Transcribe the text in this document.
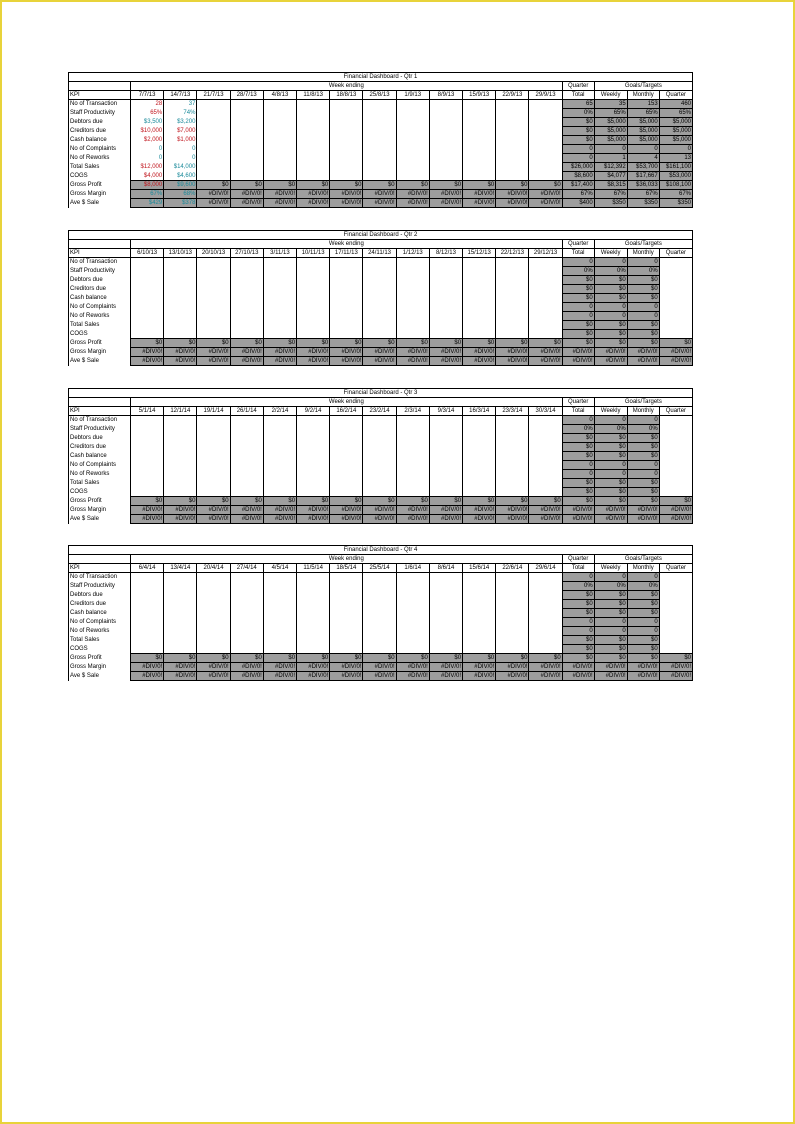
Financial Dashboard - Qtr 1																	
	Week ending													Quarter	Goals/Targets		
KPI	7/7/13	14/7/13	21/7/13	28/7/13	4/8/13	11/8/13	18/8/13	25/8/13	1/9/13	8/9/13	15/9/13	22/9/13	29/9/13	Total	Weekly	Monthly	Quarter
No of Transaction	28	37												65	35	153	460
Staff Productivity	65%	74%												0%	65%	65%	65%
Debtors due	$3,500	$3,200												$0	$5,000	$5,000	$5,000
Creditors due	$10,000	$7,000												$0	$5,000	$5,000	$5,000
Cash balance	$2,000	$1,000												$0	$5,000	$5,000	$5,000
No of Complaints	0	0												0	0	0	0
No of Reworks	0	0												0	1	4	13
Total Sales	$12,000	$14,000												$26,000	$12,392	$53,700	$161,100
COGS	$4,000	$4,600												$8,600	$4,077	$17,667	$53,000
Gross Profit	$8,000	$9,600	$0	$0	$0	$0	$0	$0	$0	$0	$0	$0	$0	$17,400	$8,315	$36,033	$108,100
Gross Margin	67%	68%	#DIV/0!	#DIV/0!	#DIV/0!	#DIV/0!	#DIV/0!	#DIV/0!	#DIV/0!	#DIV/0!	#DIV/0!	#DIV/0!	#DIV/0!	67%	67%	67%	67%
Ave $ Sale	$429	$378	#DIV/0!	#DIV/0!	#DIV/0!	#DIV/0!	#DIV/0!	#DIV/0!	#DIV/0!	#DIV/0!	#DIV/0!	#DIV/0!	#DIV/0!	$400	$350	$350	$350
Financial Dashboard - Qtr 2																	
	Week ending													Quarter	Goals/Targets		
KPI	6/10/13	13/10/13	20/10/13	27/10/13	3/11/13	10/11/13	17/11/13	24/11/13	1/12/13	8/12/13	15/12/13	22/12/13	29/12/13	Total	Weekly	Monthly	Quarter
No of Transaction														0	0	0	
Staff Productivity														0%	0%	0%	
Debtors due														$0	$0	$0	
Creditors due														$0	$0	$0	
Cash balance														$0	$0	$0	
No of Complaints														0	0	0	
No of Reworks														0	0	0	
Total Sales														$0	$0	$0	
COGS														$0	$0	$0	
Gross Profit	$0	$0	$0	$0	$0	$0	$0	$0	$0	$0	$0	$0	$0	$0	$0	$0	$0
Gross Margin	#DIV/0!	#DIV/0!	#DIV/0!	#DIV/0!	#DIV/0!	#DIV/0!	#DIV/0!	#DIV/0!	#DIV/0!	#DIV/0!	#DIV/0!	#DIV/0!	#DIV/0!	#DIV/0!	#DIV/0!	#DIV/0!	#DIV/0!
Ave $ Sale	#DIV/0!	#DIV/0!	#DIV/0!	#DIV/0!	#DIV/0!	#DIV/0!	#DIV/0!	#DIV/0!	#DIV/0!	#DIV/0!	#DIV/0!	#DIV/0!	#DIV/0!	#DIV/0!	#DIV/0!	#DIV/0!	#DIV/0!
Financial Dashboard - Qtr 3																	
	Week ending													Quarter	Goals/Targets		
KPI	5/1/14	12/1/14	19/1/14	26/1/14	2/2/14	9/2/14	16/2/14	23/2/14	2/3/14	9/3/14	16/3/14	23/3/14	30/3/14	Total	Weekly	Monthly	Quarter
No of Transaction														0	0	0	
Staff Productivity														0%	0%	0%	
Debtors due														$0	$0	$0	
Creditors due														$0	$0	$0	
Cash balance														$0	$0	$0	
No of Complaints														0	0	0	
No of Reworks														0	0	0	
Total Sales														$0	$0	$0	
COGS														$0	$0	$0	
Gross Profit	$0	$0	$0	$0	$0	$0	$0	$0	$0	$0	$0	$0	$0	$0	$0	$0	$0
Gross Margin	#DIV/0!	#DIV/0!	#DIV/0!	#DIV/0!	#DIV/0!	#DIV/0!	#DIV/0!	#DIV/0!	#DIV/0!	#DIV/0!	#DIV/0!	#DIV/0!	#DIV/0!	#DIV/0!	#DIV/0!	#DIV/0!	#DIV/0!
Ave $ Sale	#DIV/0!	#DIV/0!	#DIV/0!	#DIV/0!	#DIV/0!	#DIV/0!	#DIV/0!	#DIV/0!	#DIV/0!	#DIV/0!	#DIV/0!	#DIV/0!	#DIV/0!	#DIV/0!	#DIV/0!	#DIV/0!	#DIV/0!
Financial Dashboard - Qtr 4																	
	Week ending													Quarter	Goals/Targets		
KPI	6/4/14	13/4/14	20/4/14	27/4/14	4/5/14	11/5/14	18/5/14	25/5/14	1/6/14	8/6/14	15/6/14	22/6/14	29/6/14	Total	Weekly	Monthly	Quarter
No of Transaction														0	0	0	
Staff Productivity														0%	0%	0%	
Debtors due														$0	$0	$0	
Creditors due														$0	$0	$0	
Cash balance														$0	$0	$0	
No of Complaints														0	0	0	
No of Reworks														0	0	0	
Total Sales														$0	$0	$0	
COGS														$0	$0	$0	
Gross Profit	$0	$0	$0	$0	$0	$0	$0	$0	$0	$0	$0	$0	$0	$0	$0	$0	$0
Gross Margin	#DIV/0!	#DIV/0!	#DIV/0!	#DIV/0!	#DIV/0!	#DIV/0!	#DIV/0!	#DIV/0!	#DIV/0!	#DIV/0!	#DIV/0!	#DIV/0!	#DIV/0!	#DIV/0!	#DIV/0!	#DIV/0!	#DIV/0!
Ave $ Sale	#DIV/0!	#DIV/0!	#DIV/0!	#DIV/0!	#DIV/0!	#DIV/0!	#DIV/0!	#DIV/0!	#DIV/0!	#DIV/0!	#DIV/0!	#DIV/0!	#DIV/0!	#DIV/0!	#DIV/0!	#DIV/0!	#DIV/0!
